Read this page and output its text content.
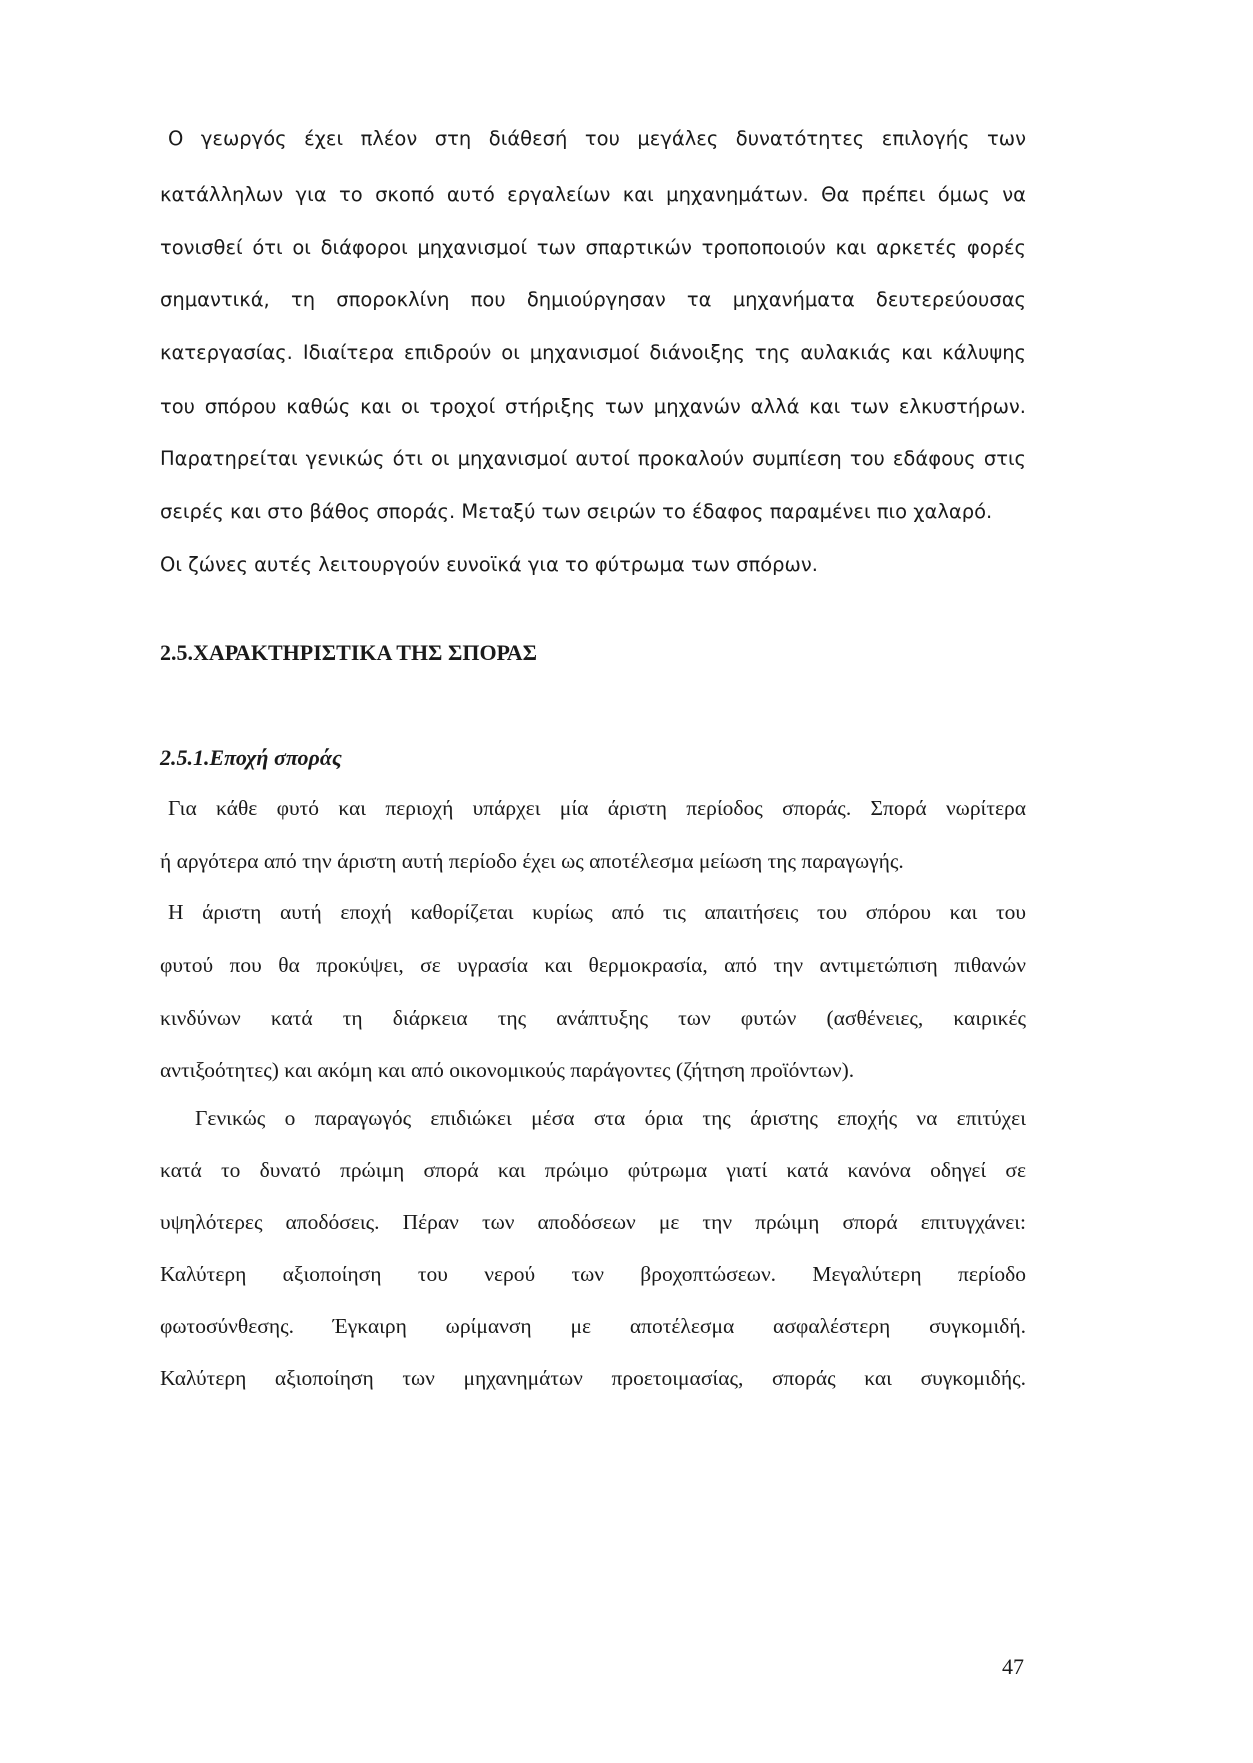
Ο γεωργός έχει πλέον στη διάθεσή του μεγάλες δυνατότητες επιλογής των

κατάλληλων για το σκοπό αυτό εργαλείων και μηχανημάτων. Θα πρέπει όμως να

τονισθεί ότι οι διάφοροι μηχανισμοί των σπαρτικών τροποποιούν και αρκετές φορές

σημαντικά, τη σπορoκλίνη που δημιούργησαν τα μηχανήματα δευτερεύουσας

κατεργασίας. Ιδιαίτερα επιδρούν οι μηχανισμοί διάνοιξης της αυλακιάς και κάλυψης

του σπόρου καθώς και οι τροχοί στήριξης των μηχανών αλλά και των ελκυστήρων.

Παρατηρείται γενικώς ότι οι μηχανισμοί αυτοί προκαλούν συμπίεση του εδάφους στις

σειρές και στο βάθος σποράς. Μεταξύ των σειρών το έδαφος παραμένει πιο χαλαρό.

Οι ζώνες αυτές λειτουργούν ευνοϊκά για το φύτρωμα των σπόρων.

2.5.ΧΑΡΑΚΤΗΡΙΣΤΙΚΑ ΤΗΣ ΣΠΟΡΑΣ
2.5.1.Εποχή σποράς

Για κάθε φυτό και περιοχή υπάρχει μία άριστη περίοδος σποράς. Σπορά νωρίτερα

ή αργότερα από την άριστη αυτή περίοδο έχει ως αποτέλεσμα μείωση της παραγωγής.

Η άριστη αυτή εποχή καθορίζεται κυρίως από τις απαιτήσεις του σπόρου και του

φυτού που θα προκύψει, σε υγρασία και θερμοκρασία, από την αντιμετώπιση πιθανών

κινδύνων κατά τη διάρκεια της ανάπτυξης των φυτών (ασθένειες, καιρικές

αντιξοότητες) και ακόμη και από οικονομικούς παράγοντες (ζήτηση προϊόντων).

Γενικώς ο παραγωγός επιδιώκει μέσα στα όρια της άριστης εποχής να επιτύχει

κατά το δυνατό πρώιμη σπορά και πρώιμο φύτρωμα γιατί κατά κανόνα οδηγεί σε

υψηλότερες αποδόσεις. Πέραν των αποδόσεων με την πρώιμη σπορά επιτυγχάνει:

Καλύτερη αξιοποίηση του νερού των βροχοπτώσεων. Μεγαλύτερη περίοδο

φωτοσύνθεσης. Έγκαιρη ωρίμανση με αποτέλεσμα ασφαλέστερη συγκομιδή.

Καλύτερη αξιοποίηση των μηχανημάτων προετοιμασίας, σποράς και συγκομιδής.

47
